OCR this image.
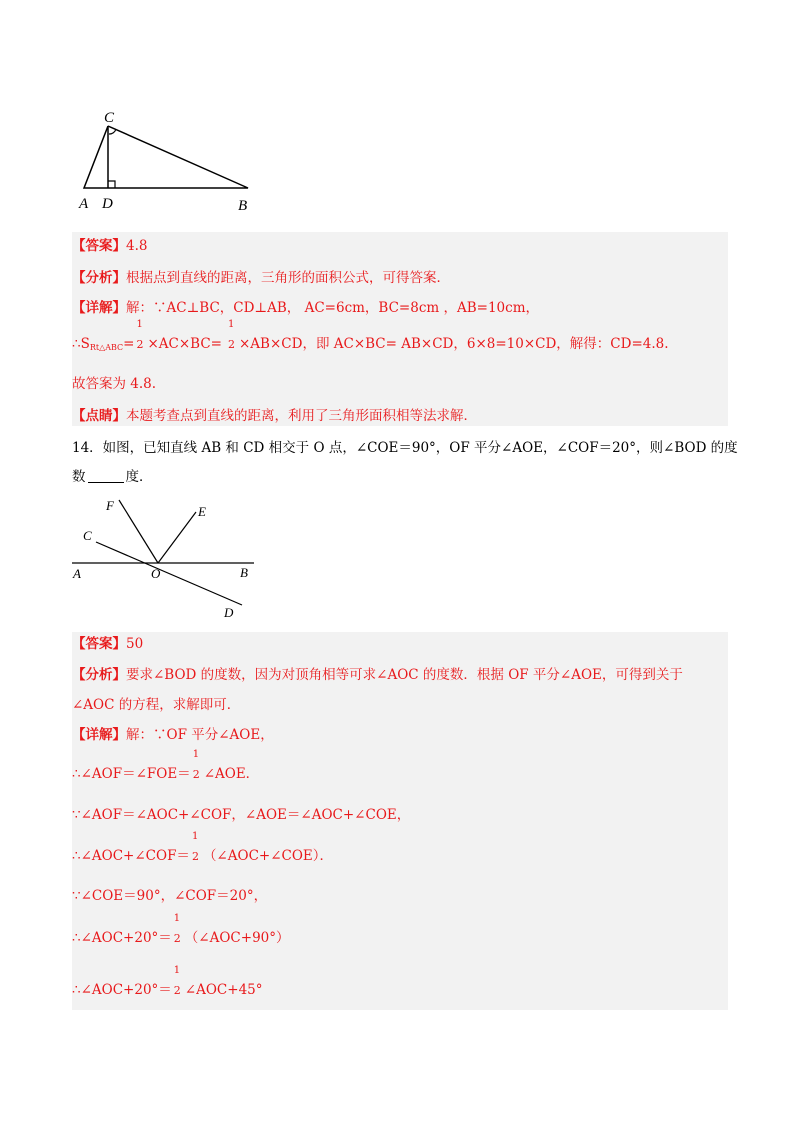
C
A D	B
【答案】4.8
【分析】根据点到直线的距离，三角形的面积公式，可得答案．
【详解】解：∵AC⊥BC，CD⊥AB， AC=6cm，BC=8cm ，AB=10cm，
$\therefore S_{Rt\triangle ABC}=$
1
2 ×AC×BC=
1
2 ×AB×CD，即 AC×BC= AB×CD，6×8=10×CD，解得：CD=4.8.
故答案为 4.8.
【点睛】本题考查点到直线的距离，利用了三角形面积相等法求解．
14．如图，已知直线 AB 和 CD 相交于 O 点，∠COE＝90°，OF 平分∠AOE，∠COF＝20°，则∠BOD 的度
数	度．
F	E
C
A	O	B
D
【答案】50
【分析】要求∠BOD 的度数，因为对顶角相等可求∠AOC 的度数．根据 OF 平分∠AOE，可得到关于
∠AOC 的方程，求解即可．
【详解】解：∵OF 平分∠AOE，
∴∠AOF＝∠FOE＝
1
2 ∠AOE．
∵∠AOF＝∠AOC+∠COF，∠AOE＝∠AOC+∠COE，
∴∠AOC+∠COF＝
1
2 （∠AOC+∠COE）．
∵∠COE＝90°，∠COF＝20°，
∴∠AOC+20°＝
1
2 （∠AOC+90°）
∴∠AOC+20°＝
1
2 ∠AOC+45°
